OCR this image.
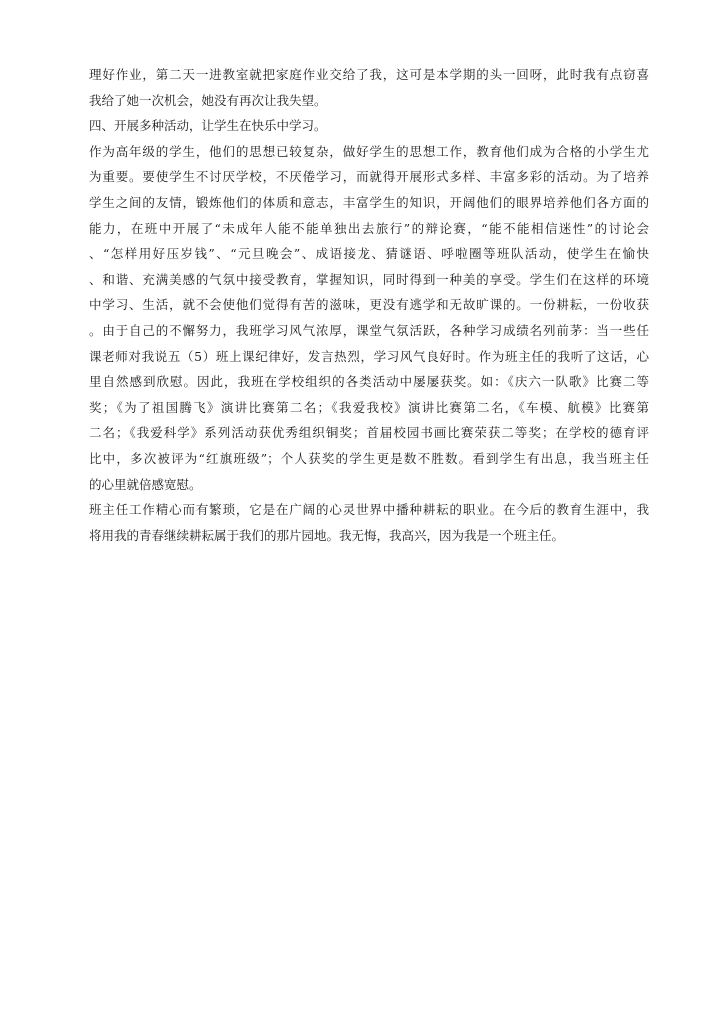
理好作业，第二天一进教室就把家庭作业交给了我，这可是本学期的头一回呀，此时我有点窃喜
我给了她一次机会，她没有再次让我失望。
四、开展多种活动，让学生在快乐中学习。
作为高年级的学生，他们的思想已较复杂，做好学生的思想工作，教育他们成为合格的小学生尤
为重要。要使学生不讨厌学校，不厌倦学习，而就得开展形式多样、丰富多彩的活动。为了培养
学生之间的友情，锻炼他们的体质和意志，丰富学生的知识，开阔他们的眼界培养他们各方面的
能力，在班中开展了“未成年人能不能单独出去旅行”的辩论赛，“能不能相信迷性”的讨论会
、“怎样用好压岁钱”、“元旦晚会”、成语接龙、猜谜语、呼啦圈等班队活动，使学生在愉快
、和谐、充满美感的气氛中接受教育，掌握知识，同时得到一种美的享受。学生们在这样的环境
中学习、生活，就不会使他们觉得有苦的滋味，更没有逃学和无故旷课的。一份耕耘，一份收获
。由于自己的不懈努力，我班学习风气浓厚，课堂气氛活跃，各种学习成绩名列前茅：当一些任
课老师对我说五（5）班上课纪律好，发言热烈，学习风气良好时。作为班主任的我听了这话，心
里自然感到欣慰。因此，我班在学校组织的各类活动中屡屡获奖。如：《庆六一队歌》比赛二等
奖；《为了祖国腾飞》演讲比赛第二名；《我爱我校》演讲比赛第二名，《车模、航模》比赛第
二名；《我爱科学》系列活动获优秀组织铜奖；首届校园书画比赛荣获二等奖；在学校的德育评
比中，多次被评为“红旗班级”；个人获奖的学生更是数不胜数。看到学生有出息，我当班主任
的心里就倍感宽慰。
班主任工作精心而有繁琐，它是在广阔的心灵世界中播种耕耘的职业。在今后的教育生涯中，我
将用我的青春继续耕耘属于我们的那片园地。我无悔，我高兴，因为我是一个班主任。
